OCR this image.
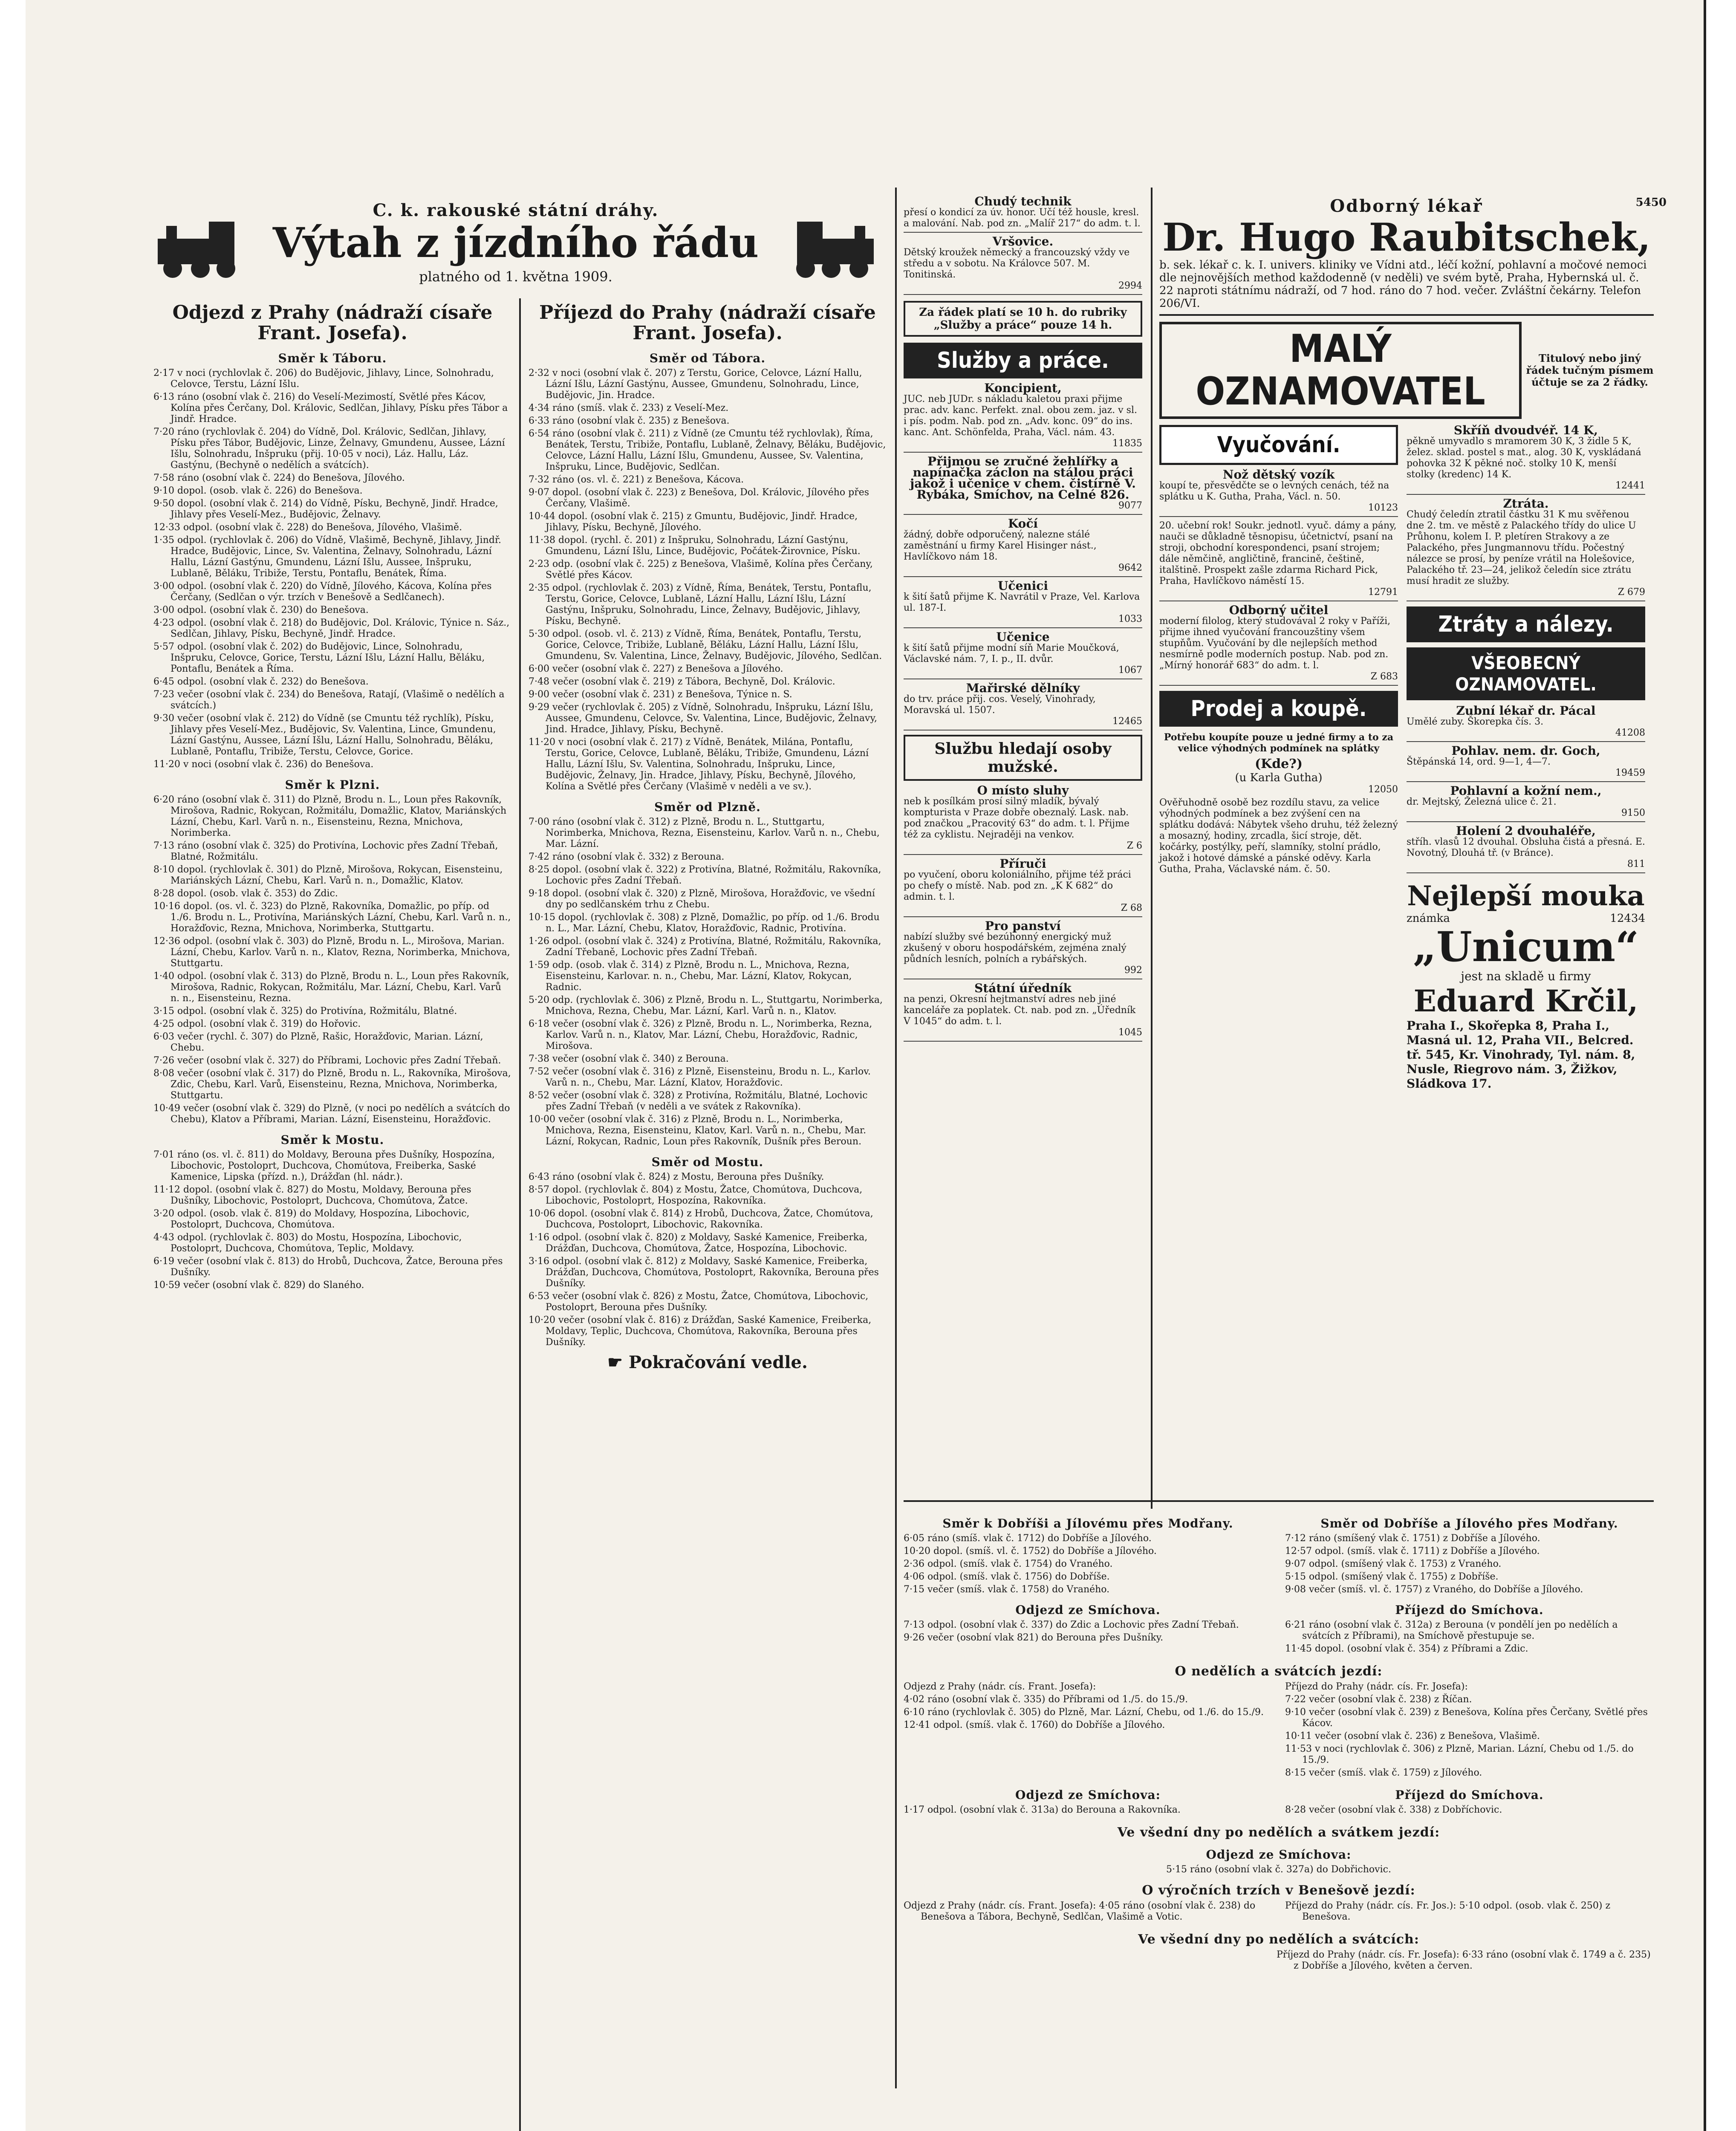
5450
C. k. rakouské státní dráhy.
Výtah z jízdního řádu
platného od 1. května 1909.
Odjezd z Prahy (nádraží císaře Frant. Josefa).
Směr k Táboru.
2·17 v noci (rychlovlak č. 206) do Budějovic, Jihlavy, Lince, Solnohradu, Celovce, Terstu, Lázní Išlu.
6·13 ráno (osobní vlak č. 216) do Veselí-Mezimostí, Světlé přes Kácov, Kolína přes Čerčany, Dol. Královic, Sedlčan, Jihlavy, Písku přes Tábor a Jindř. Hradce.
7·20 ráno (rychlovlak č. 204) do Vídně, Dol. Královic, Sedlčan, Jihlavy, Písku přes Tábor, Budějovic, Linze, Želnavy, Gmundenu, Aussee, Lázní Išlu, Solnohradu, Inšpruku (přij. 10·05 v noci), Láz. Hallu, Láz. Gastýnu, (Bechyně o nedělích a svátcích).
7·58 ráno (osobní vlak č. 224) do Benešova, Jílového.
9·10 dopol. (osob. vlak č. 226) do Benešova.
9·50 dopol. (osobní vlak č. 214) do Vídně, Písku, Bechyně, Jindř. Hradce, Jihlavy přes Veselí-Mez., Budějovic, Želnavy.
12·33 odpol. (osobní vlak č. 228) do Benešova, Jílového, Vlašimě.
1·35 odpol. (rychlovlak č. 206) do Vídně, Vlašimě, Bechyně, Jihlavy, Jindř. Hradce, Budějovic, Lince, Sv. Valentina, Želnavy, Solnohradu, Lázní Hallu, Lázní Gastýnu, Gmundenu, Lázní Išlu, Aussee, Inšpruku, Lublaně, Běláku, Tribiže, Terstu, Pontaflu, Benátek, Říma.
3·00 odpol. (osobní vlak č. 220) do Vídně, Jílového, Kácova, Kolína přes Čerčany, (Sedlčan o výr. trzích v Benešově a Sedlčanech).
3·00 odpol. (osobní vlak č. 230) do Benešova.
4·23 odpol. (osobní vlak č. 218) do Budějovic, Dol. Královic, Týnice n. Sáz., Sedlčan, Jihlavy, Písku, Bechyně, Jindř. Hradce.
5·57 odpol. (osobní vlak č. 202) do Budějovic, Lince, Solnohradu, Inšpruku, Celovce, Gorice, Terstu, Lázní Išlu, Lázní Hallu, Běláku, Pontaflu, Benátek a Říma.
6·45 odpol. (osobní vlak č. 232) do Benešova.
7·23 večer (osobní vlak č. 234) do Benešova, Ratají, (Vlašimě o nedělích a svátcích.)
9·30 večer (osobní vlak č. 212) do Vídně (se Cmuntu též rychlík), Písku, Jihlavy přes Veselí-Mez., Budějovic, Sv. Valentina, Lince, Gmundenu, Lázní Gastýnu, Aussee, Lázní Išlu, Lázní Hallu, Solnohradu, Běláku, Lublaně, Pontaflu, Tribiže, Terstu, Celovce, Gorice.
11·20 v noci (osobní vlak č. 236) do Benešova.
Směr k Plzni.
6·20 ráno (osobní vlak č. 311) do Plzně, Brodu n. L., Loun přes Rakovník, Mirošova, Radnic, Rokycan, Rožmitálu, Domažlic, Klatov, Mariánských Lázní, Chebu, Karl. Varů n. n., Eisensteinu, Rezna, Mnichova, Norimberka.
7·13 ráno (osobní vlak č. 325) do Protivína, Lochovic přes Zadní Třebaň, Blatné, Rožmitálu.
8·10 dopol. (rychlovlak č. 301) do Plzně, Mirošova, Rokycan, Eisensteinu, Mariánských Lázní, Chebu, Karl. Varů n. n., Domažlic, Klatov.
8·28 dopol. (osob. vlak č. 353) do Zdic.
10·16 dopol. (os. vl. č. 323) do Plzně, Rakovníka, Domažlic, po příp. od 1./6. Brodu n. L., Protivína, Mariánských Lázní, Chebu, Karl. Varů n. n., Horažďovic, Rezna, Mnichova, Norimberka, Stuttgartu.
12·36 odpol. (osobní vlak č. 303) do Plzně, Brodu n. L., Mirošova, Marian. Lázní, Chebu, Karlov. Varů n. n., Klatov, Rezna, Norimberka, Mnichova, Stuttgartu.
1·40 odpol. (osobní vlak č. 313) do Plzně, Brodu n. L., Loun přes Rakovník, Mirošova, Radnic, Rokycan, Rožmitálu, Mar. Lázní, Chebu, Karl. Varů n. n., Eisensteinu, Rezna.
3·15 odpol. (osobní vlak č. 325) do Protivína, Rožmitálu, Blatné.
4·25 odpol. (osobní vlak č. 319) do Hořovic.
6·03 večer (rychl. č. 307) do Plzně, Rašic, Horažďovic, Marian. Lázní, Chebu.
7·26 večer (osobní vlak č. 327) do Příbrami, Lochovic přes Zadní Třebaň.
8·08 večer (osobní vlak č. 317) do Plzně, Brodu n. L., Rakovníka, Mirošova, Zdic, Chebu, Karl. Varů, Eisensteinu, Rezna, Mnichova, Norimberka, Stuttgartu.
10·49 večer (osobní vlak č. 329) do Plzně, (v noci po nedělích a svátcích do Chebu), Klatov a Příbrami, Marian. Lázní, Eisensteinu, Horažďovic.
Směr k Mostu.
7·01 ráno (os. vl. č. 811) do Moldavy, Berouna přes Dušníky, Hospozína, Libochovic, Postoloprt, Duchcova, Chomútova, Freiberka, Saské Kamenice, Lipska (přízd. n.), Drážďan (hl. nádr.).
11·12 dopol. (osobní vlak č. 827) do Mostu, Moldavy, Berouna přes Dušníky, Libochovic, Postoloprt, Duchcova, Chomútova, Žatce.
3·20 odpol. (osob. vlak č. 819) do Moldavy, Hospozína, Libochovic, Postoloprt, Duchcova, Chomútova.
4·43 odpol. (rychlovlak č. 803) do Mostu, Hospozína, Libochovic, Postoloprt, Duchcova, Chomútova, Teplic, Moldavy.
6·19 večer (osobní vlak č. 813) do Hrobů, Duchcova, Žatce, Berouna přes Dušníky.
10·59 večer (osobní vlak č. 829) do Slaného.
Příjezd do Prahy (nádraží císaře Frant. Josefa).
Směr od Tábora.
2·32 v noci (osobní vlak č. 207) z Terstu, Gorice, Celovce, Lázní Hallu, Lázní Išlu, Lázní Gastýnu, Aussee, Gmundenu, Solnohradu, Lince, Budějovic, Jin. Hradce.
4·34 ráno (smíš. vlak č. 233) z Veselí-Mez.
6·33 ráno (osobní vlak č. 235) z Benešova.
6·54 ráno (osobní vlak č. 211) z Vídně (ze Cmuntu též rychlovlak), Říma, Benátek, Terstu, Tribiže, Pontaflu, Lublaně, Želnavy, Běláku, Budějovic, Celovce, Lázní Hallu, Lázní Išlu, Gmundenu, Aussee, Sv. Valentina, Inšpruku, Lince, Budějovic, Sedlčan.
7·32 ráno (os. vl. č. 221) z Benešova, Kácova.
9·07 dopol. (osobní vlak č. 223) z Benešova, Dol. Královic, Jílového přes Čerčany, Vlašimě.
10·44 dopol. (osobní vlak č. 215) z Gmuntu, Budějovic, Jindř. Hradce, Jihlavy, Písku, Bechyně, Jílového.
11·38 dopol. (rychl. č. 201) z Inšpruku, Solnohradu, Lázní Gastýnu, Gmundenu, Lázní Išlu, Lince, Budějovic, Počátek-Žirovnice, Písku.
2·23 odp. (osobní vlak č. 225) z Benešova, Vlašimě, Kolína přes Čerčany, Světlé přes Kácov.
2·35 odpol. (rychlovlak č. 203) z Vídně, Říma, Benátek, Terstu, Pontaflu, Terstu, Gorice, Celovce, Lublaně, Lázní Hallu, Lázní Išlu, Lázní Gastýnu, Inšpruku, Solnohradu, Lince, Želnavy, Budějovic, Jihlavy, Písku, Bechyně.
5·30 odpol. (osob. vl. č. 213) z Vídně, Říma, Benátek, Pontaflu, Terstu, Gorice, Celovce, Tribiže, Lublaně, Běláku, Lázní Hallu, Lázní Išlu, Gmundenu, Sv. Valentina, Lince, Želnavy, Budějovic, Jílového, Sedlčan.
6·00 večer (osobní vlak č. 227) z Benešova a Jílového.
7·48 večer (osobní vlak č. 219) z Tábora, Bechyně, Dol. Královic.
9·00 večer (osobní vlak č. 231) z Benešova, Týnice n. S.
9·29 večer (rychlovlak č. 205) z Vídně, Solnohradu, Inšpruku, Lázní Išlu, Aussee, Gmundenu, Celovce, Sv. Valentina, Lince, Budějovic, Želnavy, Jind. Hradce, Jihlavy, Písku, Bechyně.
11·20 v noci (osobní vlak č. 217) z Vídně, Benátek, Milána, Pontaflu, Terstu, Gorice, Celovce, Lublaně, Běláku, Tribiže, Gmundenu, Lázní Hallu, Lázní Išlu, Sv. Valentina, Solnohradu, Inšpruku, Lince, Budějovic, Želnavy, Jin. Hradce, Jihlavy, Písku, Bechyně, Jílového, Kolína a Světlé přes Čerčany (Vlašimě v neděli a ve sv.).
Směr od Plzně.
7·00 ráno (osobní vlak č. 312) z Plzně, Brodu n. L., Stuttgartu, Norimberka, Mnichova, Rezna, Eisensteinu, Karlov. Varů n. n., Chebu, Mar. Lázní.
7·42 ráno (osobní vlak č. 332) z Berouna.
8·25 dopol. (osobní vlak č. 322) z Protivína, Blatné, Rožmitálu, Rakovníka, Lochovic přes Zadní Třebaň.
9·18 dopol. (osobní vlak č. 320) z Plzně, Mirošova, Horažďovic, ve všední dny po sedlčanském trhu z Chebu.
10·15 dopol. (rychlovlak č. 308) z Plzně, Domažlic, po příp. od 1./6. Brodu n. L., Mar. Lázní, Chebu, Klatov, Horažďovic, Radnic, Protivína.
1·26 odpol. (osobní vlak č. 324) z Protivína, Blatné, Rožmitálu, Rakovníka, Zadní Třebaně, Lochovic přes Zadní Třebaň.
1·59 odp. (osob. vlak č. 314) z Plzně, Brodu n. L., Mnichova, Rezna, Eisensteinu, Karlovar. n. n., Chebu, Mar. Lázní, Klatov, Rokycan, Radnic.
5·20 odp. (rychlovlak č. 306) z Plzně, Brodu n. L., Stuttgartu, Norimberka, Mnichova, Rezna, Chebu, Mar. Lázní, Karl. Varů n. n., Klatov.
6·18 večer (osobní vlak č. 326) z Plzně, Brodu n. L., Norimberka, Rezna, Karlov. Varů n. n., Klatov, Mar. Lázní, Chebu, Horažďovic, Radnic, Mirošova.
7·38 večer (osobní vlak č. 340) z Berouna.
7·52 večer (osobní vlak č. 316) z Plzně, Eisensteinu, Brodu n. L., Karlov. Varů n. n., Chebu, Mar. Lázní, Klatov, Horažďovic.
8·52 večer (osobní vlak č. 328) z Protivína, Rožmitálu, Blatné, Lochovic přes Zadní Třebaň (v neděli a ve svátek z Rakovníka).
10·00 večer (osobní vlak č. 316) z Plzně, Brodu n. L., Norimberka, Mnichova, Rezna, Eisensteinu, Klatov, Karl. Varů n. n., Chebu, Mar. Lázní, Rokycan, Radnic, Loun přes Rakovník, Dušník přes Beroun.
Směr od Mostu.
6·43 ráno (osobní vlak č. 824) z Mostu, Berouna přes Dušníky.
8·57 dopol. (rychlovlak č. 804) z Mostu, Žatce, Chomútova, Duchcova, Libochovic, Postoloprt, Hospozína, Rakovníka.
10·06 dopol. (osobní vlak č. 814) z Hrobů, Duchcova, Žatce, Chomútova, Duchcova, Postoloprt, Libochovic, Rakovníka.
1·16 odpol. (osobní vlak č. 820) z Moldavy, Saské Kamenice, Freiberka, Drážďan, Duchcova, Chomútova, Žatce, Hospozína, Libochovic.
3·16 odpol. (osobní vlak č. 812) z Moldavy, Saské Kamenice, Freiberka, Drážďan, Duchcova, Chomútova, Postoloprt, Rakovníka, Berouna přes Dušníky.
6·53 večer (osobní vlak č. 826) z Mostu, Žatce, Chomútova, Libochovic, Postoloprt, Berouna přes Dušníky.
10·20 večer (osobní vlak č. 816) z Drážďan, Saské Kamenice, Freiberka, Moldavy, Teplic, Duchcova, Chomútova, Rakovníka, Berouna přes Dušníky.
☛ Pokračování vedle.
Chudý technik
přesí o kondicí za úv. honor. Učí též housle, kresl. a malování. Nab. pod zn. „Malíř 217“ do adm. t. l.
Vršovice.
Dětský kroužek německý a francouzský vždy ve středu a v sobotu. Na Královce 507. M. Tonitinská.
2994
Za řádek platí se 10 h. do rubriky „Služby a práce“ pouze 14 h.
Služby a práce.
Koncipient,
JUC. neb JUDr. s nákladu kaletou praxi přijme prac. adv. kanc. Perfekt. znal. obou zem. jaz. v sl. i pís. podm. Nab. pod zn. „Adv. konc. 09“ do ins. kanc. Ant. Schönfelda, Praha, Václ. nám. 43.
11835
Přijmou se zručné žehlířky a napínačka záclon na stálou práci jakož i učenice v chem. čistírně V. Rybáka, Smíchov, na Celné 826.
9077
Kočí
žádný, dobře odporučený, nalezne stálé zaměstnání u firmy Karel Hisinger nást., Havlíčkovo nám 18.
9642
Učenici
k šití šatů přijme K. Navrátil v Praze, Vel. Karlova ul. 187-I.
1033
Učenice
k šití šatů přijme modní síň Marie Moučková, Václavské nám. 7, I. p., II. dvůr.
1067
Mařirské dělníky
do trv. práce přij. cos. Veselý, Vinohrady, Moravská ul. 1507.
12465
Službu hledají osoby mužské.
O místo sluhy
neb k posílkám prosí silný mladík, bývalý kompturista v Praze dobře obeznalý. Lask. nab. pod značkou „Pracovitý 63“ do adm. t. l. Přijme též za cyklistu. Nejraději na venkov.
Z 6
Příruči
po vyučení, oboru koloniálního, přijme též práci po chefy o místě. Nab. pod zn. „K K 682“ do admin. t. l.
Z 68
Pro panství
nabízí služby své bezúhonný energický muž zkušený v oboru hospodářském, zejména znalý půdních lesních, polních a rybářských.
992
Státní úředník
na penzi, Okresní hejtmanství adres neb jiné kanceláře za poplatek. Ct. nab. pod zn. „Úředník V 1045“ do adm. t. l.
1045
Odborný lékař
Dr. Hugo Raubitschek,
b. sek. lékař c. k. I. univers. kliniky ve Vídni atd., léčí kožní, pohlavní a močové nemoci dle nejnovějších method každodenně (v neděli) ve svém bytě, Praha, Hybernská ul. č. 22 naproti státnímu nádraží, od 7 hod. ráno do 7 hod. večer. Zvláštní čekárny. Telefon 206/VI.
MALÝ OZNAMOVATEL
Titulový nebo jiný řádek tučným písmem účtuje se za 2 řádky.
Vyučování.
Nož dětský vozík
koupí te, přesvědčte se o levných cenách, též na splátku u K. Gutha, Praha, Václ. n. 50.
10123
20. učební rok! Soukr. jednotl. vyuč. dámy a pány, nauči se důkladně těsnopisu, účetnictví, psaní na stroji, obchodní korespondenci, psaní strojem; dále němčině, angličtině, francině, češtině, italštině. Prospekt zašle zdarma Richard Pick, Praha, Havlíčkovo náměstí 15.
12791
Odborný učitel
moderní filolog, který studovával 2 roky v Paříži, přijme ihned vyučování francouzštiny všem stupňům. Vyučování by dle nejlepších method nesmírně podle moderních postup. Nab. pod zn. „Mírný honorář 683“ do adm. t. l.
Z 683
Prodej a koupě.
Potřebu koupíte pouze u jedné firmy a to za velice výhodných podmínek na splátky
(Kde?)
(u Karla Gutha)
12050
Ověřuhodně osobě bez rozdílu stavu, za velice výhodných podmínek a bez zvýšení cen na splátku dodává: Nábytek všeho druhu, též železný a mosazný, hodiny, zrcadla, šicí stroje, dět. kočárky, postýlky, peří, slamníky, stolní prádlo, jakož i hotové dámské a pánské oděvy. Karla Gutha, Praha, Václavské nám. č. 50.
Skříň dvoudvéř. 14 K,
pěkně umyvadlo s mramorem 30 K, 3 židle 5 K, želez. sklad. postel s mat., alog. 30 K, vyskládaná pohovka 32 K pěkné noč. stolky 10 K, menší stolky (kredenc) 14 K.
12441
Ztráta.
Chudý čeledín ztratil částku 31 K mu svěřenou dne 2. tm. ve městě z Palackého třídy do ulice U Průhonu, kolem I. P. pletíren Strakovy a ze Palackého, přes Jungmannovu třídu. Počestný nálezce se prosí, by peníze vrátil na Holešovice, Palackého tř. 23—24, jelikož čeledín sice ztrátu musí hradit ze služby.
Z 679
Ztráty a nálezy.
VŠEOBECNÝ OZNAMOVATEL.
Zubní lékař dr. Pácal
Umělé zuby. Škorepka čís. 3.
41208
Pohlav. nem. dr. Goch,
Štěpánská 14, ord. 9—1, 4—7.
19459
Pohlavní a kožní nem.,
dr. Mejtský, Železná ulice č. 21.
9150
Holení 2 dvouhaléře,
stříh. vlasů 12 dvouhal. Obsluha čistá a přesná. E. Novotný, Dlouhá tř. (v Bránce).
811
Nejlepší mouka
známka	12434
„Unicum“
jest na skladě u firmy
Eduard Krčil,
Praha I., Skořepka 8, Praha I., Masná ul. 12, Praha VII., Belcred. tř. 545, Kr. Vinohrady, Tyl. nám. 8, Nusle, Riegrovo nám. 3, Žižkov, Sládkova 17.
Směr k Dobříši a Jílovému přes Modřany.
6·05 ráno (smíš. vlak č. 1712) do Dobříše a Jílového.
10·20 dopol. (smíš. vl. č. 1752) do Dobříše a Jílového.
2·36 odpol. (smíš. vlak č. 1754) do Vraného.
4·06 odpol. (smíš. vlak č. 1756) do Dobříše.
7·15 večer (smíš. vlak č. 1758) do Vraného.
Odjezd ze Smíchova.
7·13 odpol. (osobní vlak č. 337) do Zdic a Lochovic přes Zadní Třebaň.
9·26 večer (osobní vlak 821) do Berouna přes Dušníky.
Směr od Dobříše a Jílového přes Modřany.
7·12 ráno (smíšený vlak č. 1751) z Dobříše a Jílového.
12·57 odpol. (smíš. vlak č. 1711) z Dobříše a Jílového.
9·07 odpol. (smíšený vlak č. 1753) z Vraného.
5·15 odpol. (smíšený vlak č. 1755) z Dobříše.
9·08 večer (smíš. vl. č. 1757) z Vraného, do Dobříše a Jílového.
Příjezd do Smíchova.
6·21 ráno (osobní vlak č. 312a) z Berouna (v pondělí jen po nedělích a svátcích z Příbrami), na Smíchově přestupuje se.
11·45 dopol. (osobní vlak č. 354) z Příbrami a Zdic.
O nedělích a svátcích jezdí:
Odjezd z Prahy (nádr. cís. Frant. Josefa):
4·02 ráno (osobní vlak č. 335) do Příbrami od 1./5. do 15./9.
6·10 ráno (rychlovlak č. 305) do Plzně, Mar. Lázní, Chebu, od 1./6. do 15./9.
12·41 odpol. (smíš. vlak č. 1760) do Dobříše a Jílového.
Příjezd do Prahy (nádr. cís. Fr. Josefa):
7·22 večer (osobní vlak č. 238) z Říčan.
9·10 večer (osobní vlak č. 239) z Benešova, Kolína přes Čerčany, Světlé přes Kácov.
10·11 večer (osobní vlak č. 236) z Benešova, Vlašimě.
11·53 v noci (rychlovlak č. 306) z Plzně, Marian. Lázní, Chebu od 1./5. do 15./9.
8·15 večer (smíš. vlak č. 1759) z Jílového.
Odjezd ze Smíchova:
1·17 odpol. (osobní vlak č. 313a) do Berouna a Rakovníka.
Příjezd do Smíchova.
8·28 večer (osobní vlak č. 338) z Dobříchovic.
Ve všední dny po nedělích a svátkem jezdí:
Odjezd ze Smíchova:
5·15 ráno (osobní vlak č. 327a) do Dobřichovic.
O výročních trzích v Benešově jezdí:
Odjezd z Prahy (nádr. cís. Frant. Josefa): 4·05 ráno (osobní vlak č. 238) do Benešova a Tábora, Bechyně, Sedlčan, Vlašimě a Votic.
Příjezd do Prahy (nádr. cís. Fr. Jos.): 5·10 odpol. (osob. vlak č. 250) z Benešova.
Ve všední dny po nedělích a svátcích:
Příjezd do Prahy (nádr. cís. Fr. Josefa): 6·33 ráno (osobní vlak č. 1749 a č. 235) z Dobříše a Jílového, květen a červen.
